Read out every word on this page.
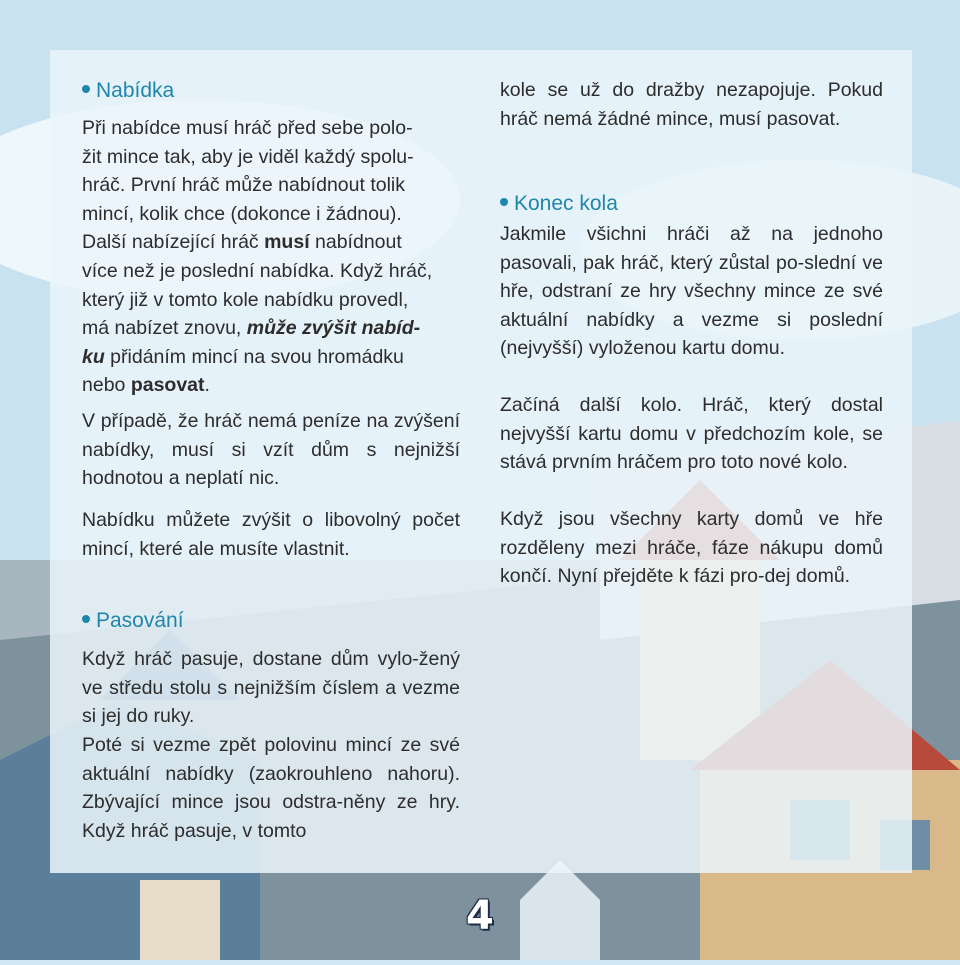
Nabídka

Při nabídce musí hráč před sebe polo-
žit mince tak, aby je viděl každý spolu-
hráč. První hráč může nabídnout tolik
mincí, kolik chce (dokonce i žádnou).
Další nabízející hráč musí nabídnout
více než je poslední nabídka. Když hráč,
který již v tomto kole nabídku provedl,
má nabízet znovu, může zvýšit nabíd-
ku přidáním mincí na svou hromádku
nebo pasovat.

V případě, že hráč nemá peníze na zvýšení nabídky, musí si vzít dům s nejnižší hodnotou a neplatí nic.

Nabídku můžete zvýšit o libovolný počet mincí, které ale musíte vlastnit.

Pasování

Když hráč pasuje, dostane dům vylo-žený ve středu stolu s nejnižším číslem a vezme si jej do ruky.

Poté si vezme zpět polovinu mincí ze své aktuální nabídky (zaokrouhleno nahoru). Zbývající mince jsou odstra-něny ze hry. Když hráč pasuje, v tomto

kole se už do dražby nezapojuje. Pokud hráč nemá žádné mince, musí pasovat.

Konec kola

Jakmile všichni hráči až na jednoho pasovali, pak hráč, který zůstal po-slední ve hře, odstraní ze hry všechny mince ze své aktuální nabídky a vezme si poslední (nejvyšší) vyloženou kartu domu.

Začíná další kolo. Hráč, který dostal nejvyšší kartu domu v předchozím kole, se stává prvním hráčem pro toto nové kolo.

Když jsou všechny karty domů ve hře rozděleny mezi hráče, fáze nákupu domů končí. Nyní přejděte k fázi pro-dej domů.

4
